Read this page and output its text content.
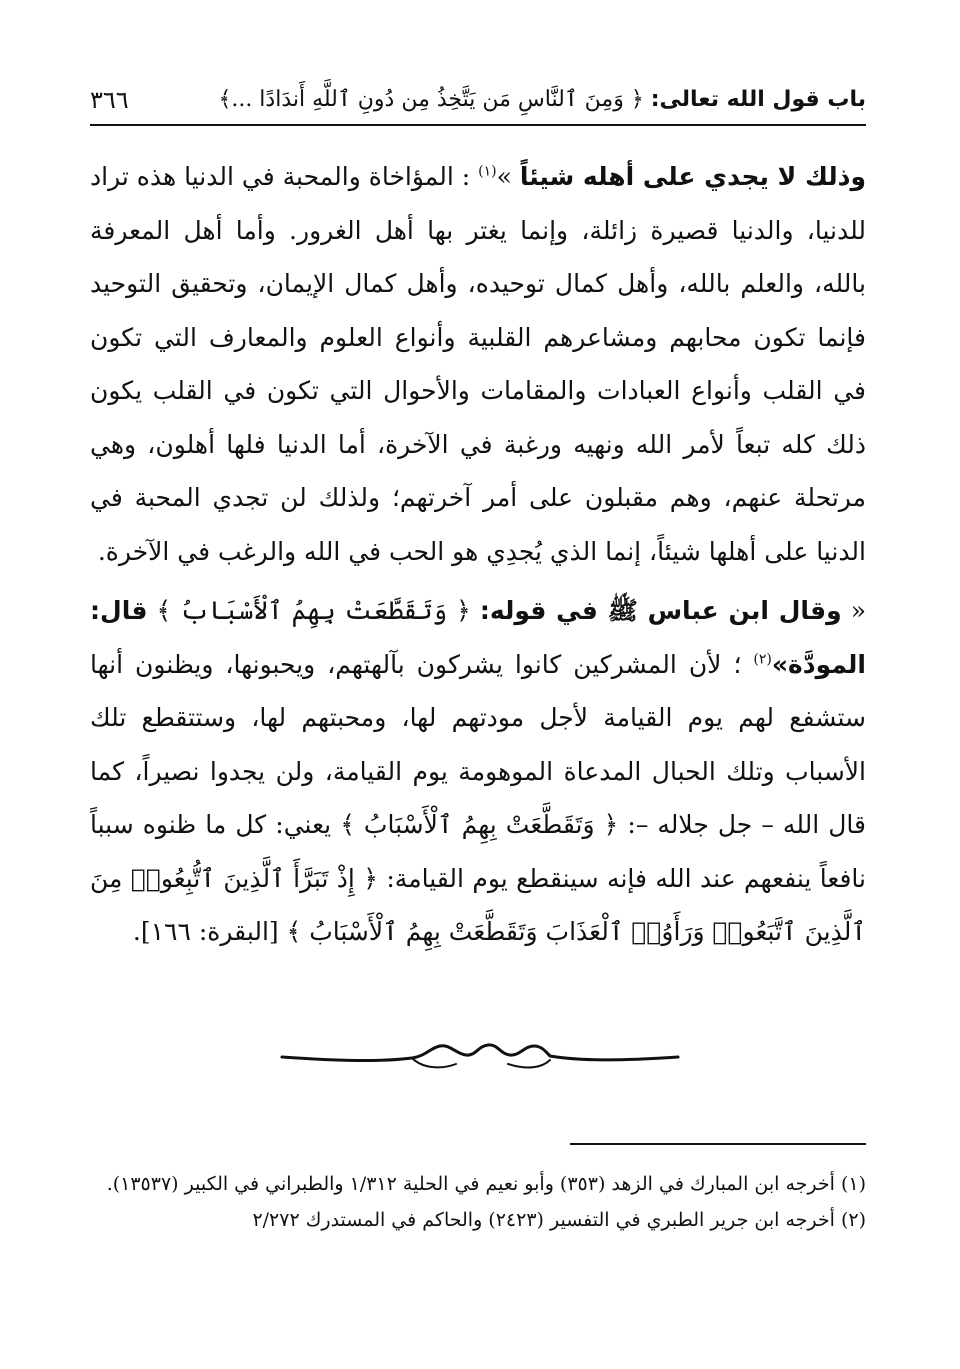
باب قول الله تعالى: ﴿ وَمِنَ ٱلنَّاسِ مَن يَتَّخِذُ مِن دُونِ ٱللَّهِ أَندَادًا ...﴾
٣٦٦

وذلك لا يجدي على أهله شيئاً »$^{(١)}$ : المؤاخاة والمحبة في الدنيا هذه تراد للدنيا، والدنيا قصيرة زائلة، وإنما يغتر بها أهل الغرور. وأما أهل المعرفة بالله، والعلم بالله، وأهل كمال توحيده، وأهل كمال الإيمان، وتحقيق التوحيد فإنما تكون محابهم ومشاعرهم القلبية وأنواع العلوم والمعارف التي تكون في القلب وأنواع العبادات والمقامات والأحوال التي تكون في القلب يكون ذلك كله تبعاً لأمر الله ونهيه ورغبة في الآخرة، أما الدنيا فلها أهلون، وهي مرتحلة عنهم، وهم مقبلون على أمر آخرتهم؛ ولذلك لن تجدي المحبة في الدنيا على أهلها شيئاً، إنما الذي يُجدِي هو الحب في الله والرغب في الآخرة.

« وقال ابن عباس ﷺ في قوله: ﴿ وَتَقَطَّعَتْ بِهِمُ ٱلْأَسْبَابُ ﴾ قال: المودَّة»$^{(٢)}$ ؛ لأن المشركين كانوا يشركون بآلهتهم، ويحبونها، ويظنون أنها ستشفع لهم يوم القيامة لأجل مودتهم لها، ومحبتهم لها، وستتقطع تلك الأسباب وتلك الحبال المدعاة الموهومة يوم القيامة، ولن يجدوا نصيراً، كما قال الله – جل جلاله –: ﴿ وَتَقَطَّعَتْ بِهِمُ ٱلْأَسْبَابُ ﴾ يعني: كل ما ظنوه سبباً نافعاً ينفعهم عند الله فإنه سينقطع يوم القيامة: ﴿ إِذْ تَبَرَّأَ ٱلَّذِينَ ٱتُّبِعُوا۟ مِنَ ٱلَّذِينَ ٱتَّبَعُوا۟ وَرَأَوُا۟ ٱلْعَذَابَ وَتَقَطَّعَتْ بِهِمُ ٱلْأَسْبَابُ ﴾ [البقرة: ١٦٦].

(١) أخرجه ابن المبارك في الزهد (٣٥٣) وأبو نعيم في الحلية ١/٣١٢ والطبراني في الكبير (١٣٥٣٧).
(٢) أخرجه ابن جرير الطبري في التفسير (٢٤٢٣) والحاكم في المستدرك ٢/٢٧٢
